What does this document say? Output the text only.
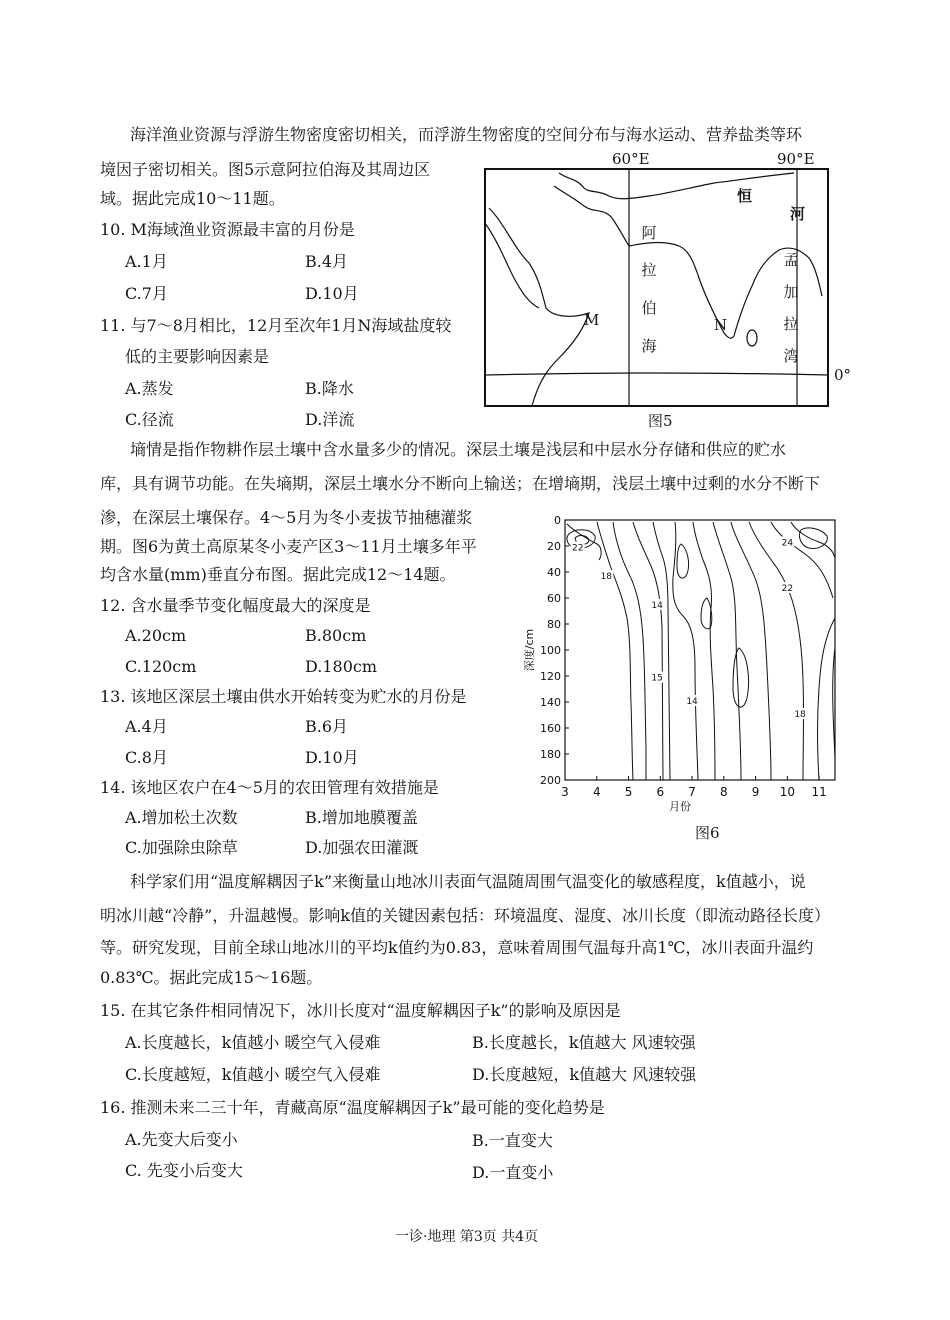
海洋渔业资源与浮游生物密度密切相关，而浮游生物密度的空间分布与海水运动、营养盐类等环
境因子密切相关。图5示意阿拉伯海及其周边区
域。据此完成10～11题。
10. M海域渔业资源最丰富的月份是
A.1月	B.4月
C.7月	D.10月
11. 与7～8月相比，12月至次年1月N海域盐度较
低的主要影响因素是
A.蒸发	B.降水
C.径流	D.洋流
60°E	90°E
阿
拉
伯
海
孟
加
拉
湾
恒
河
M	N
0°
图5
墒情是指作物耕作层土壤中含水量多少的情况。深层土壤是浅层和中层水分存储和供应的贮水
库，具有调节功能。在失墒期，深层土壤水分不断向上输送；在增墒期，浅层土壤中过剩的水分不断下
渗，在深层土壤保存。4～5月为冬小麦拔节抽穗灌浆
期。图6为黄土高原某冬小麦产区3～11月土壤多年平
均含水量(mm)垂直分布图。据此完成12～14题。
12. 含水量季节变化幅度最大的深度是
A.20cm	B.80cm
C.120cm	D.180cm
13. 该地区深层土壤由供水开始转变为贮水的月份是
A.4月	B.6月
C.8月	D.10月
14. 该地区农户在4～5月的农田管理有效措施是
A.增加松土次数	B.增加地膜覆盖
C.加强除虫除草	D.加强农田灌溉
0
20
40
60
80
100
120
140
160
180
200
3 4 5 6 7 8 9 10 11
月份
深度/cm
22
18
14
15
14
24
22
18
图6
科学家们用“温度解耦因子k”来衡量山地冰川表面气温随周围气温变化的敏感程度，k值越小，说
明冰川越“冷静”，升温越慢。影响k值的关键因素包括：环境温度、湿度、冰川长度（即流动路径长度）
等。研究发现，目前全球山地冰川的平均k值约为0.83，意味着周围气温每升高1℃，冰川表面升温约
0.83℃。据此完成15～16题。
15. 在其它条件相同情况下，冰川长度对“温度解耦因子k”的影响及原因是
A.长度越长，k值越小 暖空气入侵难	B.长度越长，k值越大 风速较强
C.长度越短，k值越小 暖空气入侵难	D.长度越短，k值越大 风速较强
16. 推测未来二三十年，青藏高原“温度解耦因子k”最可能的变化趋势是
A.先变大后变小	B.一直变大
C. 先变小后变大	D.一直变小
一诊·地理 第3页 共4页
